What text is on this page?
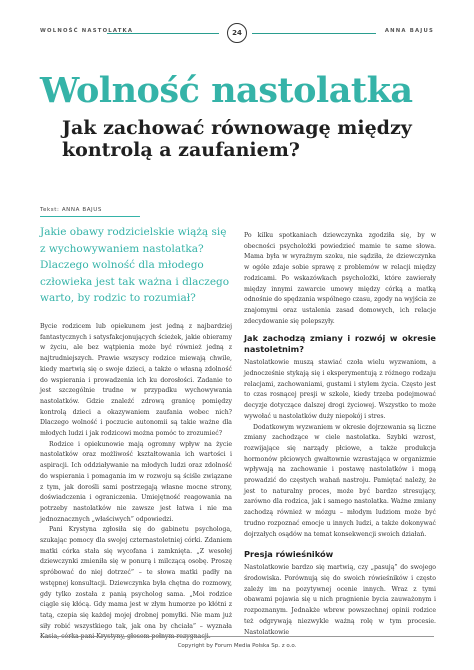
WOLNOŚĆ NASTOLATKA	24	ANNA BAJUS
Wolność nastolatka
Jak zachować równowagę między kontrolą a zaufaniem?
Tekst: ANNA BAJUS
Jakie obawy rodzicielskie wiążą się z wychowywaniem nastolatka? Dlaczego wolność dla młodego człowieka jest tak ważna i dlaczego warto, by rodzic to rozumiał?

Bycie rodzicem lub opiekunem jest jedną z najbardziej fantastycznych i satysfakcjonujących ścieżek, jakie obieramy w życiu, ale bez wątpienia może być również jedną z najtrudniejszych. Prawie wszyscy rodzice miewają chwile, kiedy martwią się o swoje dzieci, a także o własną zdolność do wspierania i prowadzenia ich ku dorosłości. Zadanie to jest szczególnie trudne w przypadku wychowywania nastolatków. Gdzie znaleźć zdrową granicę pomiędzy kontrolą dzieci a okazywaniem zaufania wobec nich? Dlaczego wolność i poczucie autonomii są takie ważne dla młodych ludzi i jak rodzicowi można pomóc to zrozumieć?

Rodzice i opiekunowie mają ogromny wpływ na życie nastolatków oraz możliwość kształtowania ich wartości i aspiracji. Ich oddziaływanie na młodych ludzi oraz zdolność do wspierania i pomagania im w rozwoju są ściśle związane z tym, jak dorośli sami postrzegają własne mocne strony, doświadczenia i ograniczenia. Umiejętność reagowania na potrzeby nastolatków nie zawsze jest łatwa i nie ma jednoznacznych „właściwych” odpowiedzi.

Pani Krystyna zgłosiła się do gabinetu psychologa, szukając pomocy dla swojej czternastoletniej córki. Zdaniem matki córka stała się wycofana i zamknięta. „Z wesołej dziewczynki zmieniła się w ponurą i milczącą osobę. Proszę spróbować do niej dotrzeć” – te słowa matki padły na wstępnej konsultacji. Dziewczynka była chętna do rozmowy, gdy tylko została z panią psycholog sama. „Moi rodzice ciągle się kłócą. Gdy mama jest w złym humorze po kłótni z tatą, czepia się każdej mojej drobnej pomyłki. Nie mam już siły robić wszystkiego tak, jak ona by chciała” – wyznała Kasia, córka pani Krystyny, głosem pełnym rezygnacji.

Po kilku spotkaniach dziewczynka zgodziła się, by w obecności psycholożki powiedzieć mamie te same słowa. Mama była w wyraźnym szoku, nie sądziła, że dziewczynka w ogóle zdaje sobie sprawę z problemów w relacji między rodzicami. Po wskazówkach psycholożki, które zawierały między innymi zawarcie umowy między córką a matką odnośnie do spędzania wspólnego czasu, zgody na wyjścia ze znajomymi oraz ustalenia zasad domowych, ich relacje zdecydowanie się polepszyły.

Jak zachodzą zmiany i rozwój w okresie nastoletnim?

Nastolatkowie muszą stawiać czoła wielu wyzwaniom, a jednocześnie stykają się i eksperymentują z różnego rodzaju relacjami, zachowaniami, gustami i stylem życia. Często jest to czas rosnącej presji w szkole, kiedy trzeba podejmować decyzje dotyczące dalszej drogi życiowej. Wszystko to może wywołać u nastolatków duży niepokój i stres.

Dodatkowym wyzwaniem w okresie dojrzewania są liczne zmiany zachodzące w ciele nastolatka. Szybki wzrost, rozwijające się narządy płciowe, a także produkcja hormonów płciowych gwałtownie wzrastająca w organizmie wpływają na zachowanie i postawę nastolatków i mogą prowadzić do częstych wahań nastroju. Pamiętać należy, że jest to naturalny proces, może być bardzo stresujący, zarówno dla rodzica, jak i samego nastolatka. Ważne zmiany zachodzą również w mózgu – młodym ludziom może być trudno rozpoznać emocje u innych ludzi, a także dokonywać dojrzałych osądów na temat konsekwencji swoich działań.

Presja rówieśników

Nastolatkowie bardzo się martwią, czy „pasują” do swojego środowiska. Porównują się do swoich rówieśników i często zależy im na pozytywnej ocenie innych. Wraz z tymi obawami pojawia się u nich pragnienie bycia zauważonym i rozpoznanym. Jednakże wbrew powszechnej opinii rodzice też odgrywają niezwykle ważną rolę w tym procesie. Nastolatkowie

Copyright by Forum Media Polska Sp. z o.o.
